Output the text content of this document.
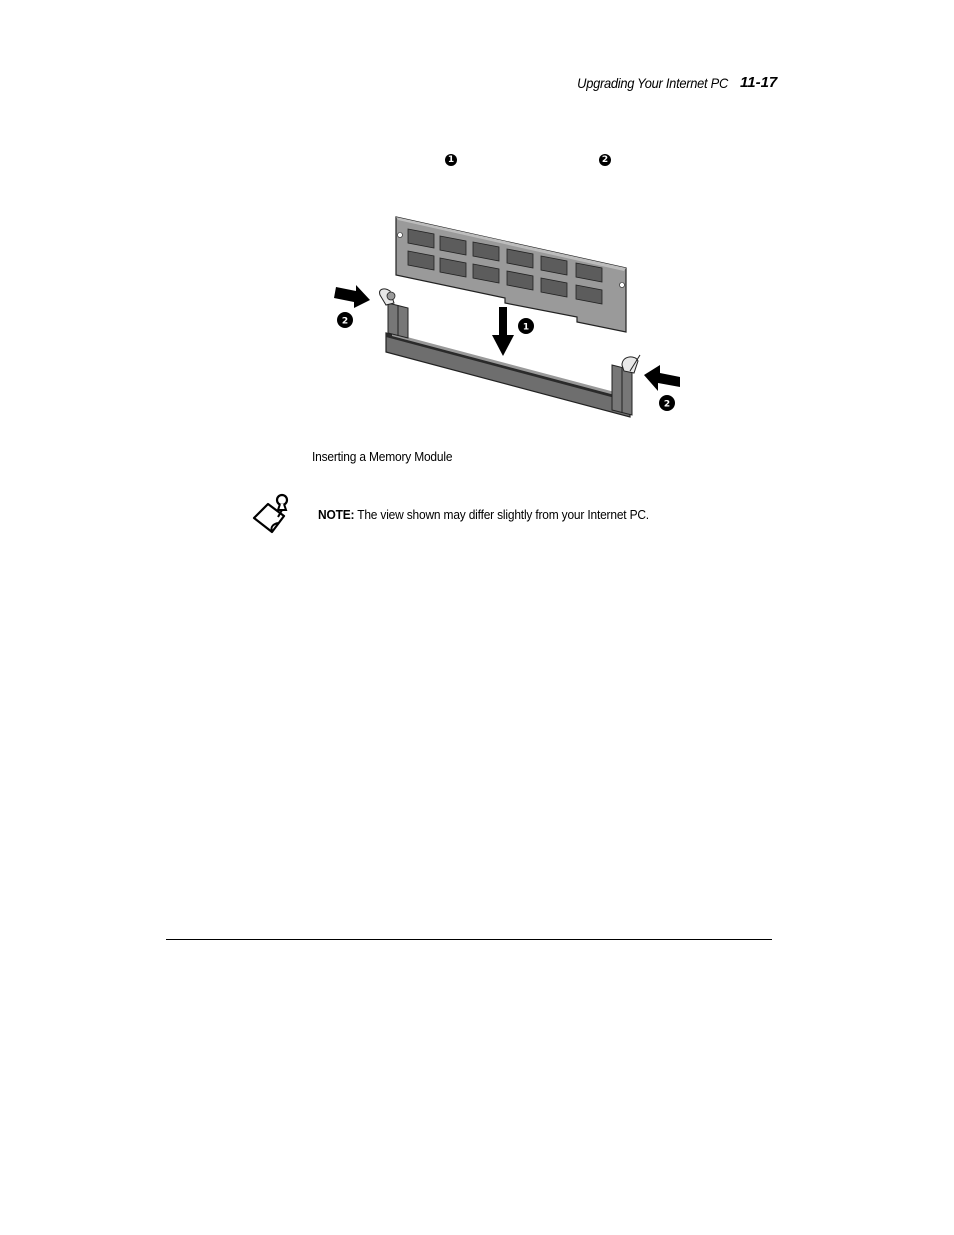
Upgrading Your Internet PC 11-17
1	2
2
1
2
Inserting a Memory Module
NOTE: The view shown may differ slightly from your Internet PC.
